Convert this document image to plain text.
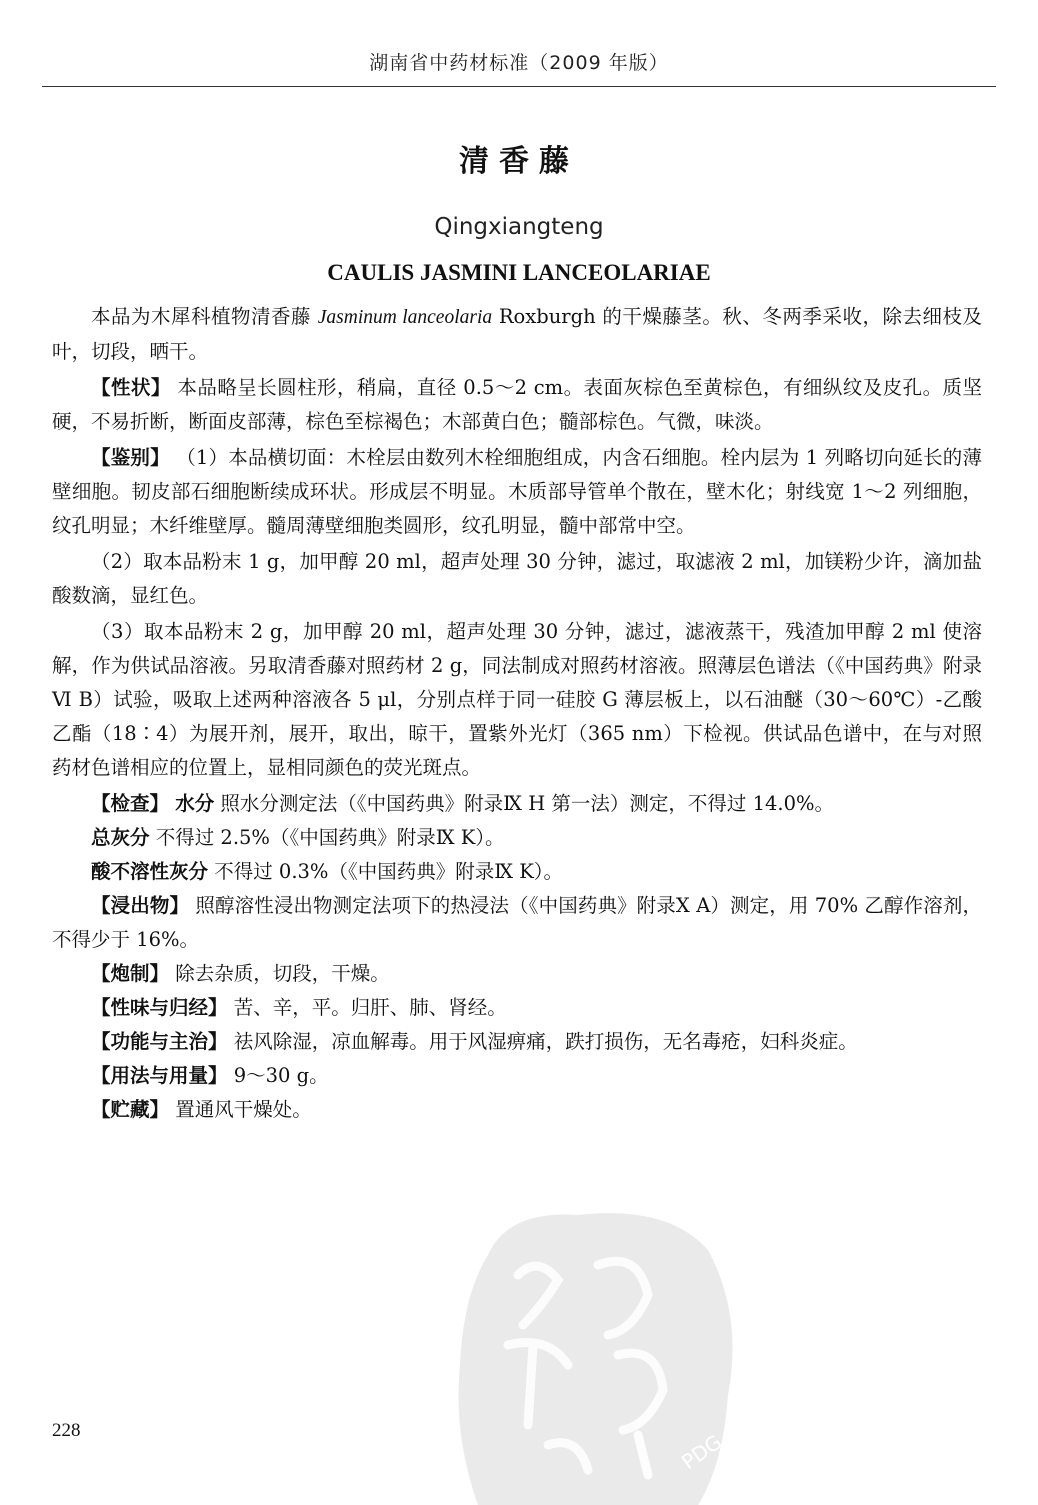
湖南省中药材标准（2009 年版）
清香藤
Qingxiangteng
CAULIS JASMINI LANCEOLARIAE

本品为木犀科植物清香藤 Jasminum lanceolaria Roxburgh 的干燥藤茎。秋、冬两季采收，除去细枝及叶，切段，晒干。

【性状】 本品略呈长圆柱形，稍扁，直径 0.5～2 cm。表面灰棕色至黄棕色，有细纵纹及皮孔。质坚硬，不易折断，断面皮部薄，棕色至棕褐色；木部黄白色；髓部棕色。气微，味淡。

【鉴别】 （1）本品横切面：木栓层由数列木栓细胞组成，内含石细胞。栓内层为 1 列略切向延长的薄壁细胞。韧皮部石细胞断续成环状。形成层不明显。木质部导管单个散在，壁木化；射线宽 1～2 列细胞，纹孔明显；木纤维壁厚。髓周薄壁细胞类圆形，纹孔明显，髓中部常中空。

（2）取本品粉末 1 g，加甲醇 20 ml，超声处理 30 分钟，滤过，取滤液 2 ml，加镁粉少许，滴加盐酸数滴，显红色。

（3）取本品粉末 2 g，加甲醇 20 ml，超声处理 30 分钟，滤过，滤液蒸干，残渣加甲醇 2 ml 使溶解，作为供试品溶液。另取清香藤对照药材 2 g，同法制成对照药材溶液。照薄层色谱法（《中国药典》附录Ⅵ B）试验，吸取上述两种溶液各 5 μl，分别点样于同一硅胶 G 薄层板上，以石油醚（30～60℃）-乙酸乙酯（18∶4）为展开剂，展开，取出，晾干，置紫外光灯（365 nm）下检视。供试品色谱中，在与对照药材色谱相应的位置上，显相同颜色的荧光斑点。

【检查】 水分 照水分测定法（《中国药典》附录Ⅸ H 第一法）测定，不得过 14.0%。

总灰分 不得过 2.5%（《中国药典》附录Ⅸ K）。

酸不溶性灰分 不得过 0.3%（《中国药典》附录Ⅸ K）。

【浸出物】 照醇溶性浸出物测定法项下的热浸法（《中国药典》附录Ⅹ A）测定，用 70% 乙醇作溶剂，不得少于 16%。

【炮制】 除去杂质，切段，干燥。

【性味与归经】 苦、辛，平。归肝、肺、肾经。

【功能与主治】 祛风除湿，凉血解毒。用于风湿痹痛，跌打损伤，无名毒疮，妇科炎症。

【用法与用量】 9～30 g。

【贮藏】 置通风干燥处。

228	PDG
